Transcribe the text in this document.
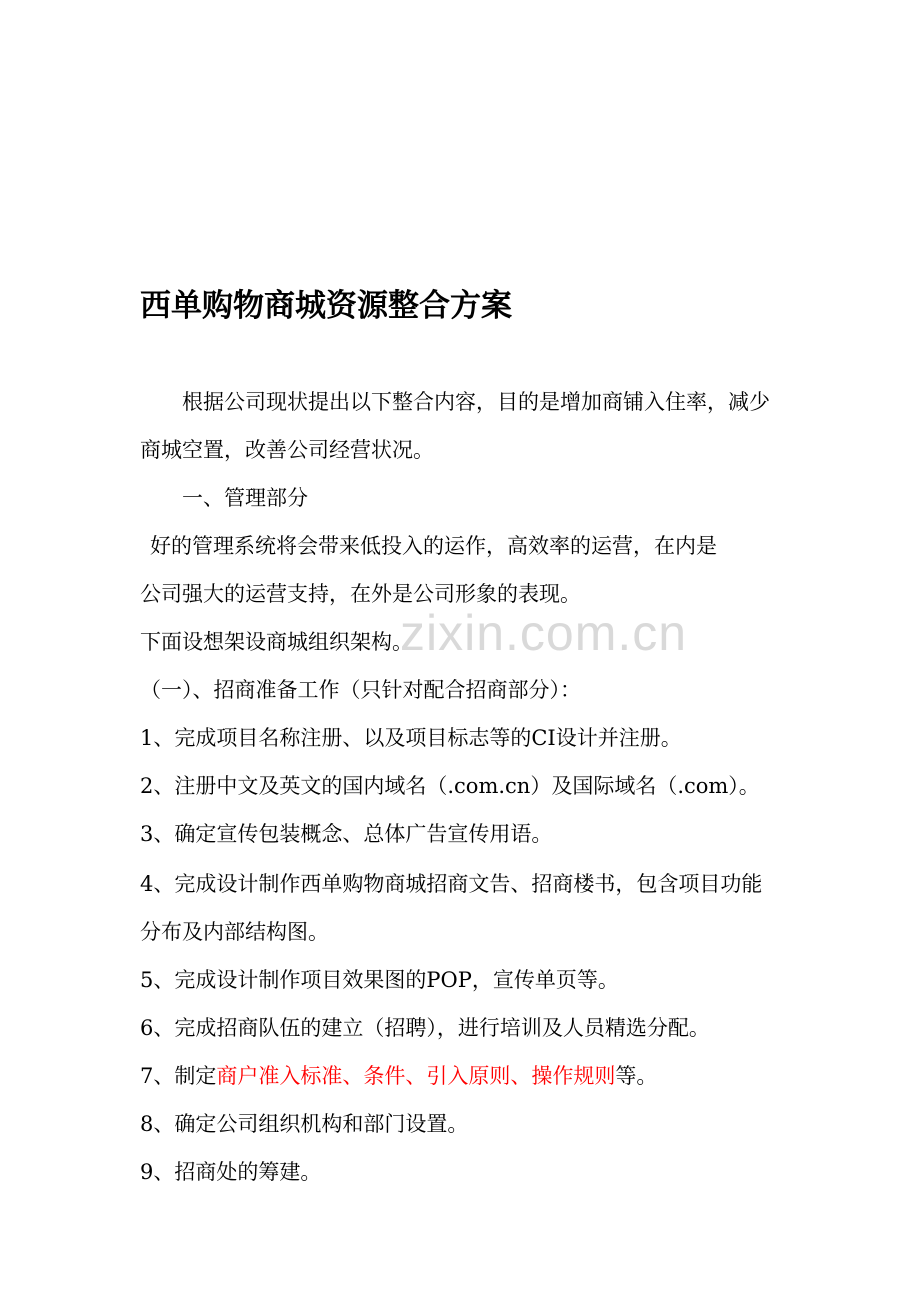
西单购物商城资源整合方案

根据公司现状提出以下整合内容，目的是增加商铺入住率，减少

商城空置，改善公司经营状况。

一、管理部分

好的管理系统将会带来低投入的运作，高效率的运营，在内是

公司强大的运营支持，在外是公司形象的表现。

下面设想架设商城组织架构。

（一）、招商准备工作（只针对配合招商部分）：

1、完成项目名称注册、以及项目标志等的CI设计并注册。

2、注册中文及英文的国内域名（.com.cn）及国际域名（.com）。

3、确定宣传包装概念、总体广告宣传用语。

4、完成设计制作西单购物商城招商文告、招商楼书，包含项目功能

分布及内部结构图。

5、完成设计制作项目效果图的POP，宣传单页等。

6、完成招商队伍的建立（招聘），进行培训及人员精选分配。

7、制定商户准入标准、条件、引入原则、操作规则等。

8、确定公司组织机构和部门设置。

9、招商处的筹建。

zixin.com.cn
